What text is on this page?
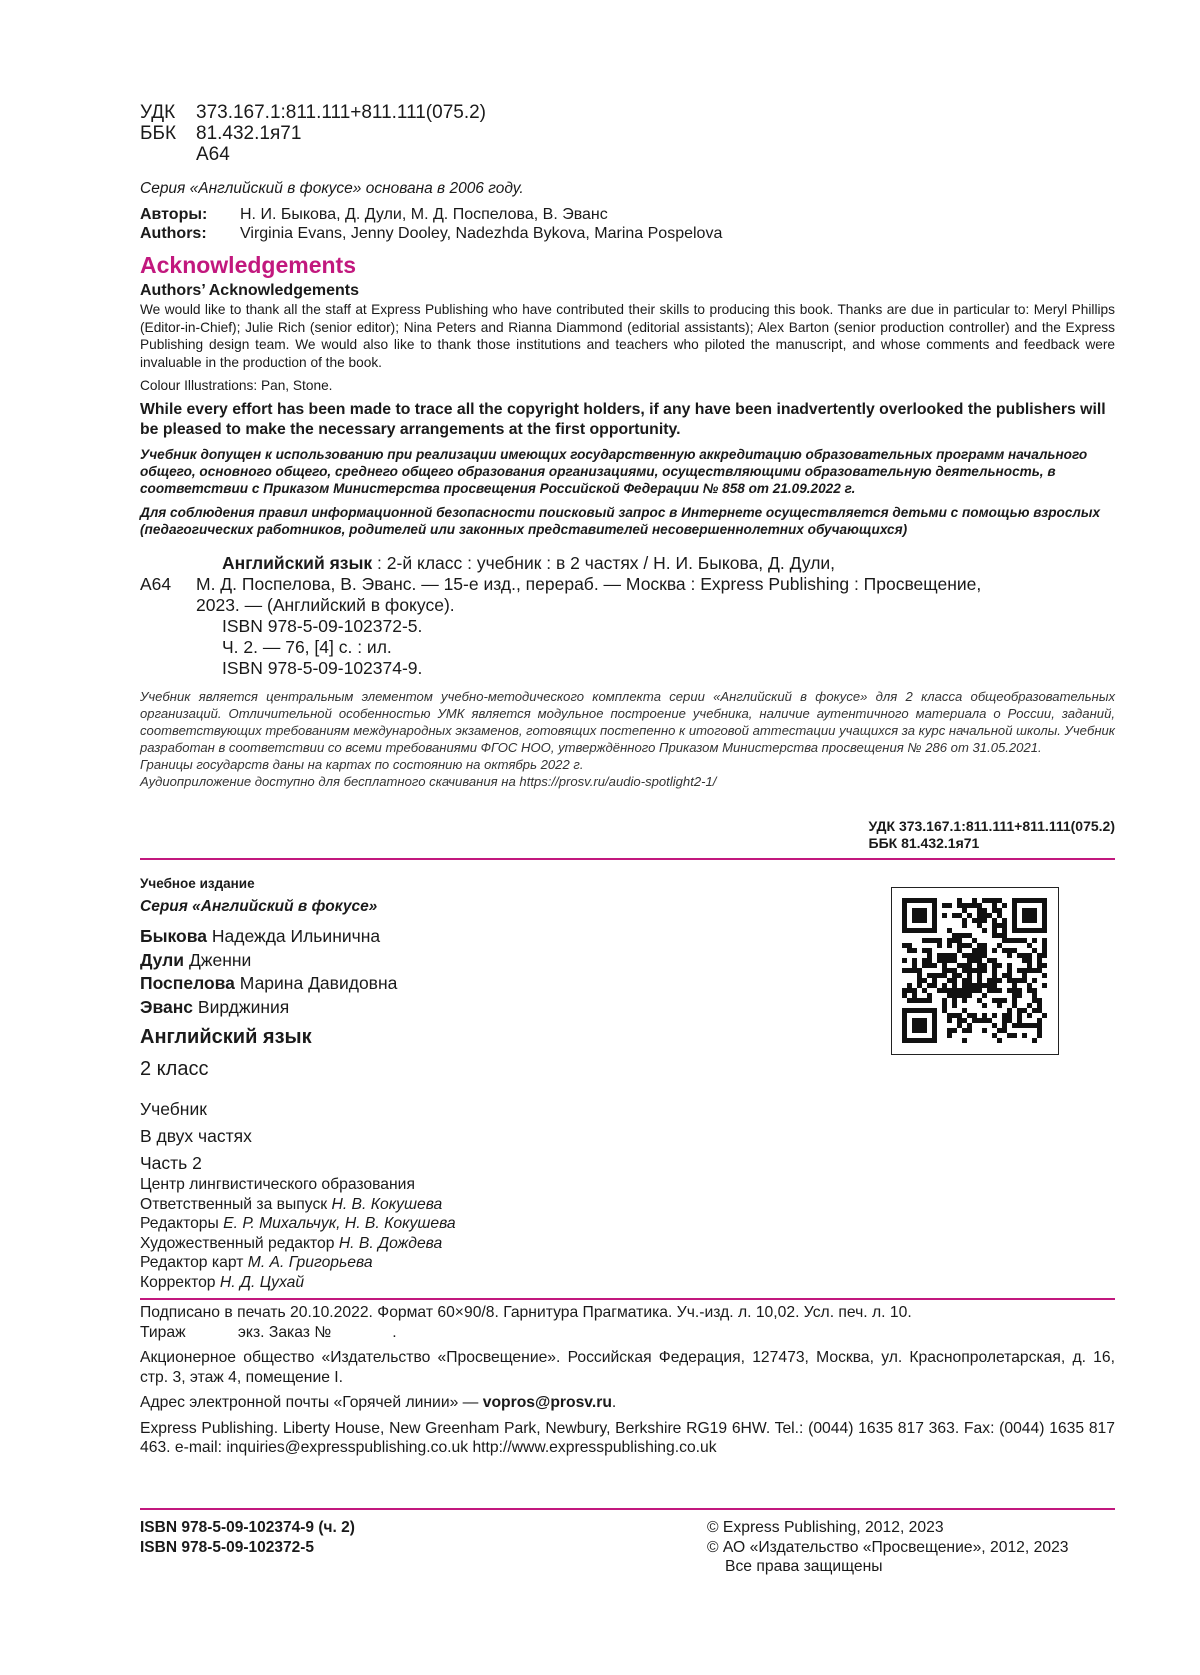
УДК	373.167.1:811.111+811.111(075.2)
ББК	81.432.1я71
А64
Серия «Английский в фокусе» основана в 2006 году.
Авторы:	Н. И. Быкова, Д. Дули, М. Д. Поспелова, В. Эванс
Authors:	Virginia Evans, Jenny Dooley, Nadezhda Bykova, Marina Pospelova
Acknowledgements
Authors’ Acknowledgements
We would like to thank all the staff at Express Publishing who have contributed their skills to producing this book. Thanks are due in particular to: Meryl Phillips (Editor-in-Chief); Julie Rich (senior editor); Nina Peters and Rianna Diammond (editorial assistants); Alex Barton (senior production controller) and the Express Publishing design team. We would also like to thank those institutions and teachers who piloted the manuscript, and whose comments and feedback were invaluable in the production of the book.
Colour Illustrations: Pan, Stone.
While every effort has been made to trace all the copyright holders, if any have been inadvertently overlooked the publishers will be pleased to make the necessary arrangements at the first opportunity.
Учебник допущен к использованию при реализации имеющих государственную аккредитацию образовательных программ начального общего, основного общего, среднего общего образования организациями, осуществляющими образовательную деятельность, в соответствии с Приказом Министерства просвещения Российской Федерации № 858 от 21.09.2022 г.
Для соблюдения правил информационной безопасности поисковый запрос в Интернете осуществляется детьми с помощью взрослых (педагогических работников, родителей или законных представителей несовершеннолетних обучающихся)
Английский язык : 2-й класс : учебник : в 2 частях / Н. И. Быкова, Д. Дули,
А64	М. Д. Поспелова, В. Эванс. — 15-е изд., перераб. — Москва : Express Publishing : Просвещение,
2023. — (Английский в фокусе).
ISBN 978-5-09-102372-5.
Ч. 2. — 76, [4] с. : ил.
ISBN 978-5-09-102374-9.
Учебник является центральным элементом учебно-методического комплекта серии «Английский в фокусе» для 2 класса общеобразовательных организаций. Отличительной особенностью УМК является модульное построение учебника, наличие аутентичного материала о России, заданий, соответствующих требованиям международных экзаменов, готовящих постепенно к итоговой аттестации учащихся за курс начальной школы. Учебник разработан в соответствии со всеми требованиями ФГОС НОО, утверждённого Приказом Министерства просвещения № 286 от 31.05.2021.
Границы государств даны на картах по состоянию на октябрь 2022 г.
Аудиоприложение доступно для бесплатного скачивания на https://prosv.ru/audio-spotlight2-1/
УДК 373.167.1:811.111+811.111(075.2)
ББК 81.432.1я71
Учебное издание
Серия «Английский в фокусе»
Быкова Надежда Ильинична
Дули Дженни
Поспелова Марина Давидовна
Эванс Вирджиния
Английский язык
2 класс
Учебник
В двух частях
Часть 2
Центр лингвистического образования
Ответственный за выпуск Н. В. Кокушева
Редакторы Е. Р. Михальчук, Н. В. Кокушева
Художественный редактор Н. В. Дождева
Редактор карт М. А. Григорьева
Корректор Н. Д. Цухай

Подписано в печать 20.10.2022. Формат 60×90/8. Гарнитура Прагматика. Уч.-изд. л. 10,02. Усл. печ. л. 10.

Тираж            экз. Заказ №              .

Акционерное общество «Издательство «Просвещение». Российская Федерация, 127473, Москва, ул. Краснопролетарская, д. 16, стр. 3, этаж 4, помещение I.

Адрес электронной почты «Горячей линии» — vopros@prosv.ru.

Express Publishing. Liberty House, New Greenham Park, Newbury, Berkshire RG19 6HW. Tel.: (0044) 1635 817 363. Fax: (0044) 1635 817 463. e-mail: inquiries@expresspublishing.co.uk http://www.expresspublishing.co.uk

ISBN 978-5-09-102374-9 (ч. 2)
ISBN 978-5-09-102372-5
© Express Publishing, 2012, 2023
© АО «Издательство «Просвещение», 2012, 2023
Все права защищены
